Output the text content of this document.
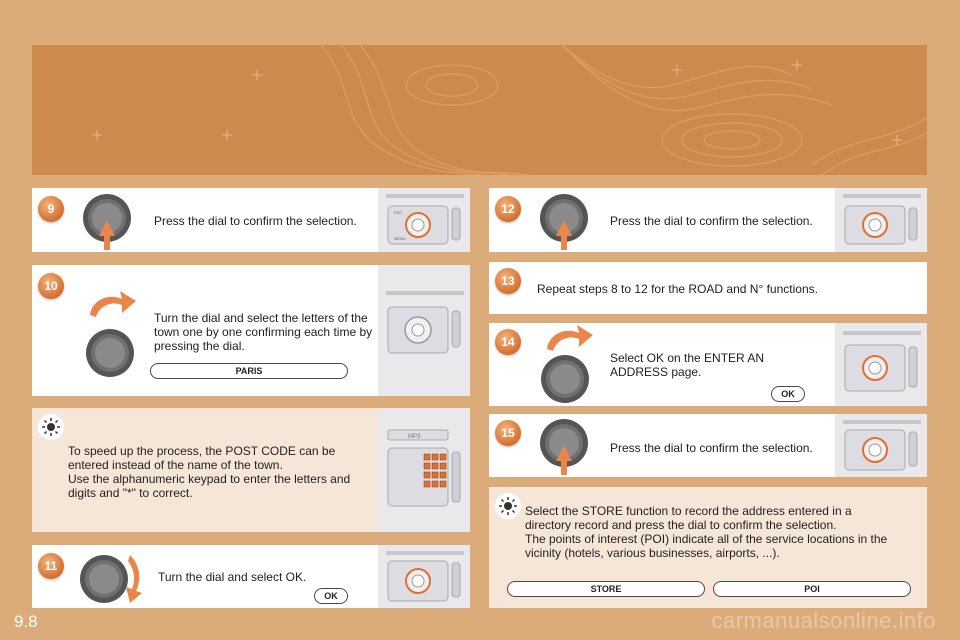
9

Press the dial to confirm the selection.

ESC
MENU
10

Turn the dial and select the letters of the town one by one confirming each time by pressing the dial.

PARIS

To speed up the process, the POST CODE can be entered instead of the name of the town.

Use the alphanumeric keypad to enter the letters and digits and "*" to correct.

MP3
11

Turn the dial and select OK.

OK
12

Press the dial to confirm the selection.

13

Repeat steps 8 to 12 for the ROAD and N° functions.

14

Select OK on the ENTER AN ADDRESS page.

OK
15

Press the dial to confirm the selection.

Select the STORE function to record the address entered in a directory record and press the dial to confirm the selection.

The points of interest (POI) indicate all of the service locations in the vicinity (hotels, various businesses, airports, ...).

STORE	POI
9.8	carmanualsonline.info
